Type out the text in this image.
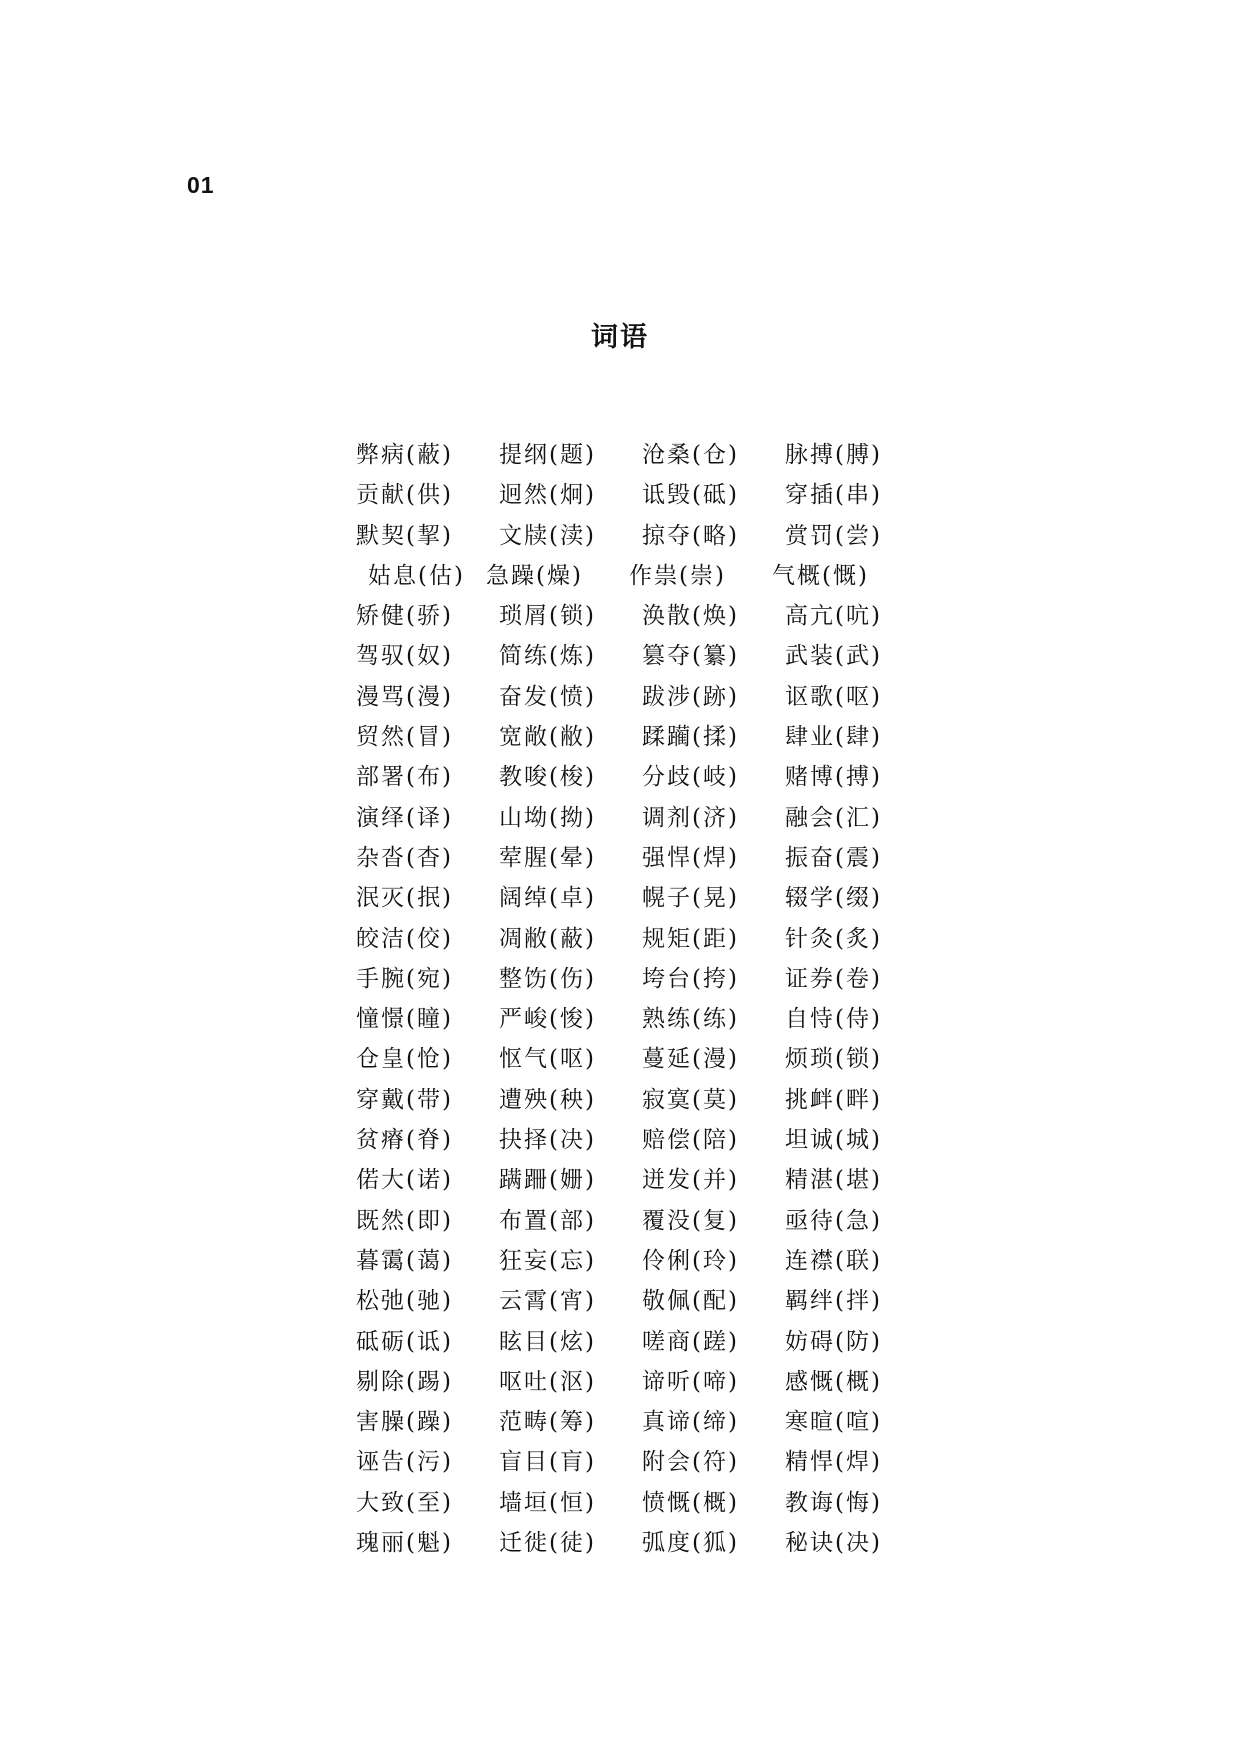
01
词语
弊病(蔽) 提纲(题) 沧桑(仓) 脉搏(膊)
贡献(供) 迥然(炯) 诋毁(砥) 穿插(串)
默契(挈) 文牍(渎) 掠夺(略) 赏罚(尝)
姑息(估) 急躁(燥) 作祟(崇) 气概(慨)
矫健(骄) 琐屑(锁) 涣散(焕) 高亢(吭)
驾驭(奴) 简练(炼) 篡夺(纂) 武装(武)
漫骂(漫) 奋发(愤) 跋涉(跡) 讴歌(呕)
贸然(冒) 宽敞(敝) 蹂躏(揉) 肆业(肆)
部署(布) 教唆(梭) 分歧(岐) 赌博(搏)
演绎(译) 山坳(拗) 调剂(济) 融会(汇)
杂沓(杳) 荤腥(晕) 强悍(焊) 振奋(震)
泯灭(抿) 阔绰(卓) 幌子(晃) 辍学(缀)
皎洁(佼) 凋敝(蔽) 规矩(距) 针灸(炙)
手腕(宛) 整饬(伤) 垮台(挎) 证券(卷)
憧憬(瞳) 严峻(悛) 熟练(练) 自恃(侍)
仓皇(怆) 怄气(呕) 蔓延(漫) 烦琐(锁)
穿戴(带) 遭殃(秧) 寂寞(莫) 挑衅(畔)
贫瘠(脊) 抉择(决) 赔偿(陪) 坦诚(城)
偌大(诺) 蹒跚(姗) 迸发(并) 精湛(堪)
既然(即) 布置(部) 覆没(复) 亟待(急)
暮霭(蔼) 狂妄(忘) 伶俐(玲) 连襟(联)
松弛(驰) 云霄(宵) 敬佩(配) 羁绊(拌)
砥砺(诋) 眩目(炫) 嗟商(蹉) 妨碍(防)
剔除(踢) 呕吐(沤) 谛听(啼) 感慨(概)
害臊(躁) 范畴(筹) 真谛(缔) 寒暄(喧)
诬告(污) 盲目(肓) 附会(符) 精悍(焊)
大致(至) 墙垣(恒) 愤慨(概) 教诲(悔)
瑰丽(魁) 迁徙(徒) 弧度(狐) 秘诀(决)
